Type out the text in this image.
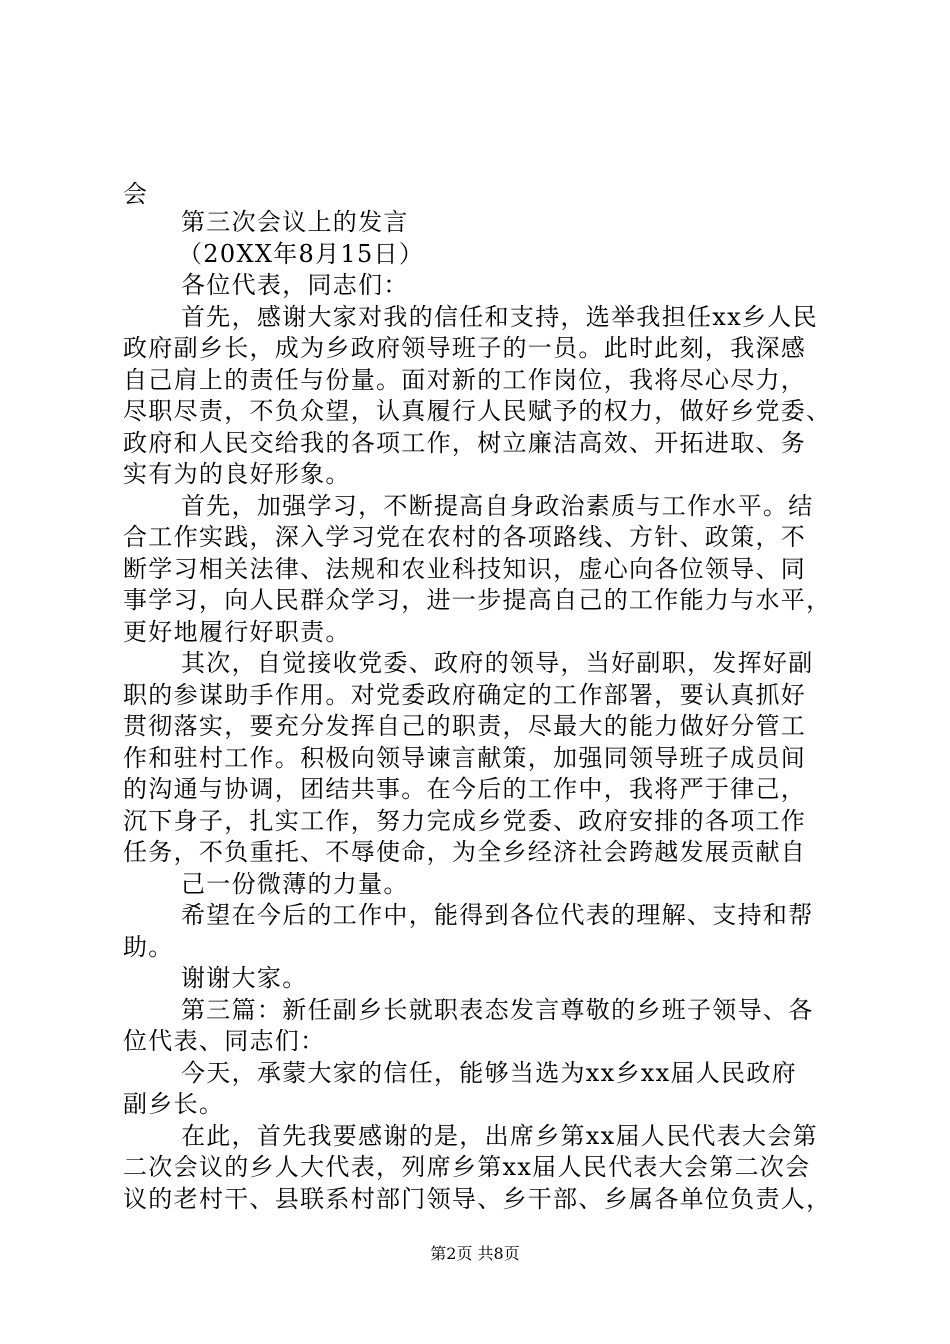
会
第三次会议上的发言
（20XX年8月15日）
各位代表，同志们：
首先，感谢大家对我的信任和支持，选举我担任xx乡人民
政府副乡长，成为乡政府领导班子的一员。此时此刻，我深感
自己肩上的责任与份量。面对新的工作岗位，我将尽心尽力，
尽职尽责，不负众望，认真履行人民赋予的权力，做好乡党委、
政府和人民交给我的各项工作，树立廉洁高效、开拓进取、务
实有为的良好形象。
首先，加强学习，不断提高自身政治素质与工作水平。结
合工作实践，深入学习党在农村的各项路线、方针、政策，不
断学习相关法律、法规和农业科技知识，虚心向各位领导、同
事学习，向人民群众学习，进一步提高自己的工作能力与水平，
更好地履行好职责。
其次，自觉接收党委、政府的领导，当好副职，发挥好副
职的参谋助手作用。对党委政府确定的工作部署，要认真抓好
贯彻落实，要充分发挥自己的职责，尽最大的能力做好分管工
作和驻村工作。积极向领导谏言献策，加强同领导班子成员间
的沟通与协调，团结共事。在今后的工作中，我将严于律己，
沉下身子，扎实工作，努力完成乡党委、政府安排的各项工作
任务，不负重托、不辱使命，为全乡经济社会跨越发展贡献自
己一份微薄的力量。
希望在今后的工作中，能得到各位代表的理解、支持和帮
助。
谢谢大家。
第三篇：新任副乡长就职表态发言尊敬的乡班子领导、各
位代表、同志们：
今天，承蒙大家的信任，能够当选为xx乡xx届人民政府
副乡长。
在此，首先我要感谢的是，出席乡第xx届人民代表大会第
二次会议的乡人大代表，列席乡第xx届人民代表大会第二次会
议的老村干、县联系村部门领导、乡干部、乡属各单位负责人，
第2页 共8页
